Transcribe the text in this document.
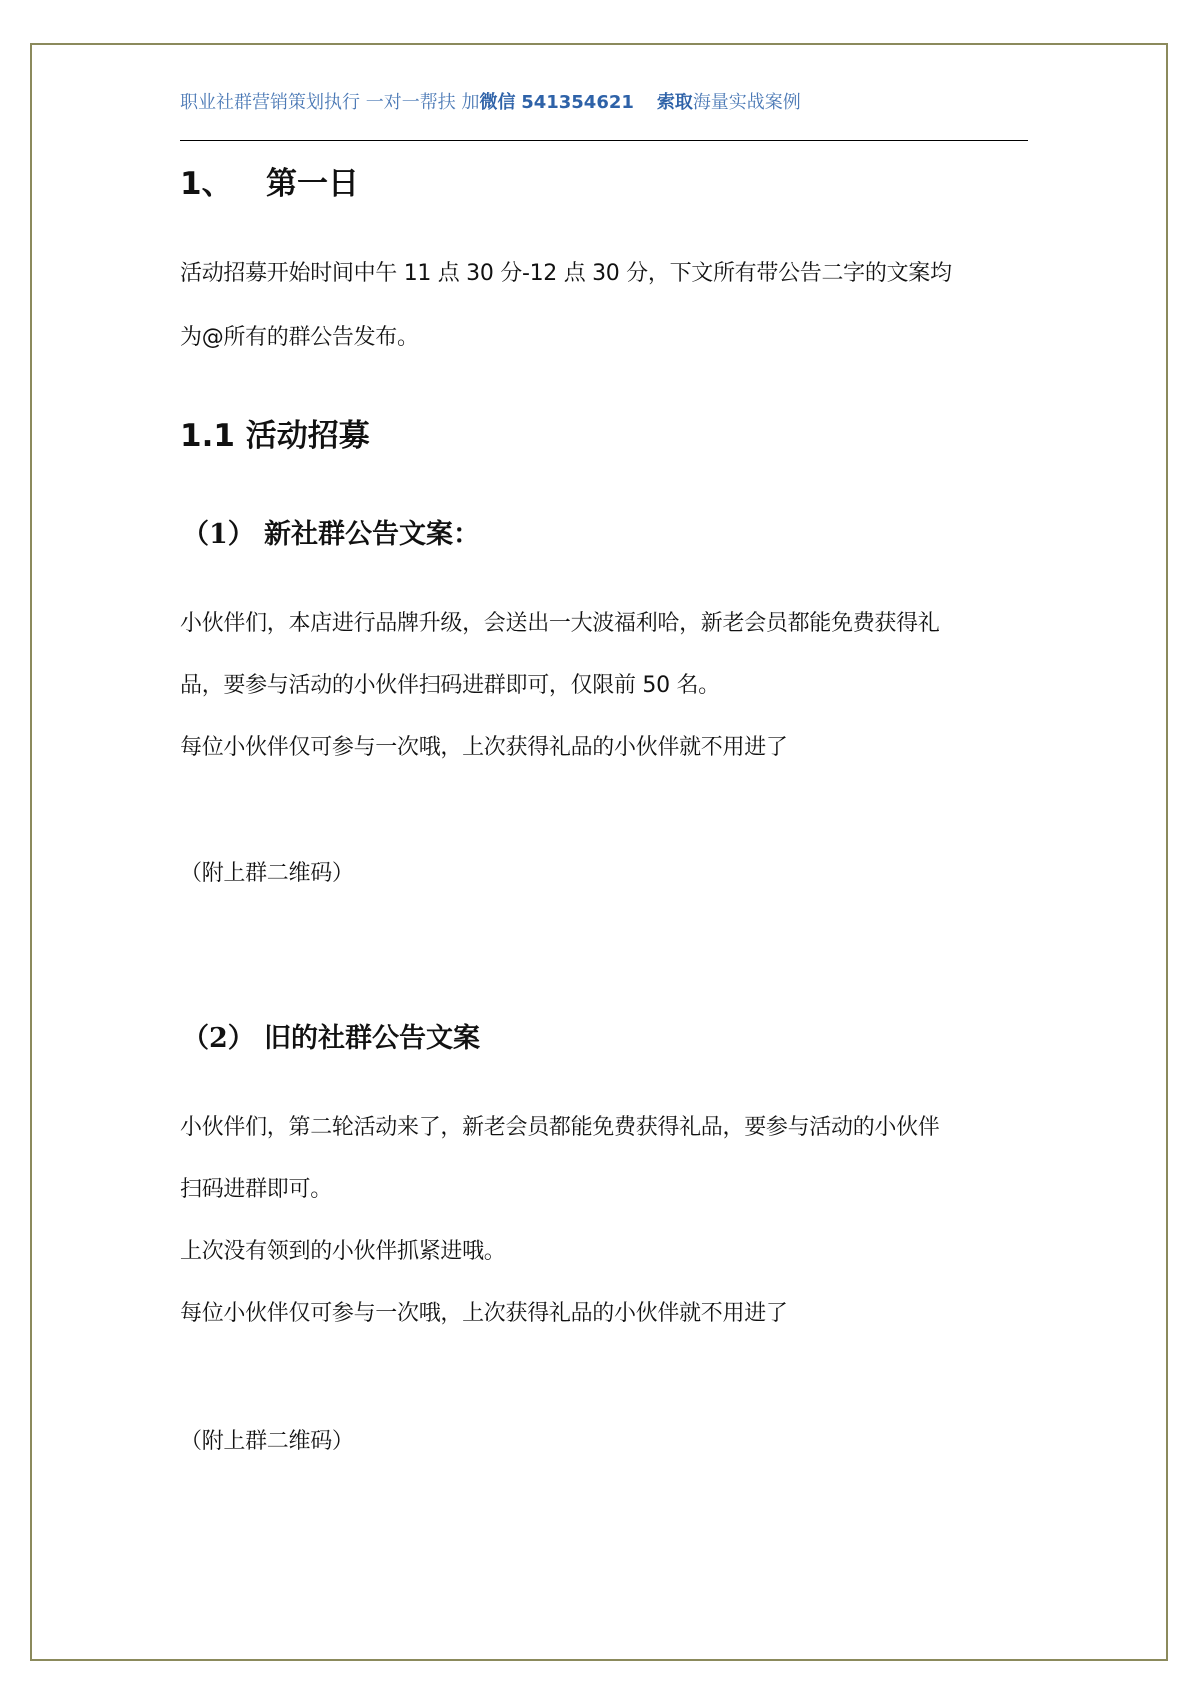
职业社群营销策划执行 一对一帮扶 加微信 541354621 索取海量实战案例
1、 第一日
活动招募开始时间中午 11 点 30 分-12 点 30 分，下文所有带公告二字的文案均
为@所有的群公告发布。
1.1 活动招募
（1） 新社群公告文案：
小伙伴们，本店进行品牌升级，会送出一大波福利哈，新老会员都能免费获得礼
品，要参与活动的小伙伴扫码进群即可，仅限前 50 名。
每位小伙伴仅可参与一次哦，上次获得礼品的小伙伴就不用进了
（附上群二维码）
（2） 旧的社群公告文案
小伙伴们，第二轮活动来了，新老会员都能免费获得礼品，要参与活动的小伙伴
扫码进群即可。
上次没有领到的小伙伴抓紧进哦。
每位小伙伴仅可参与一次哦，上次获得礼品的小伙伴就不用进了
（附上群二维码）
